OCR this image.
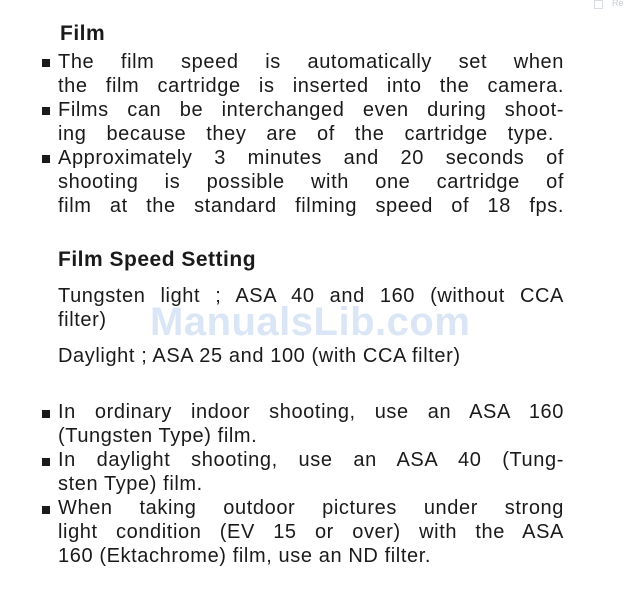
Re
Film
The film speed is automatically set when
the film cartridge is inserted into the camera.
Films can be interchanged even during shoot-
ing because they are of the cartridge type.
Approximately 3 minutes and 20 seconds of
shooting is possible with one cartridge of
film at the standard filming speed of 18 fps.
Film Speed Setting
Tungsten light ; ASA 40 and 160 (without CCA
filter)
Daylight ; ASA 25 and 100 (with CCA filter)
In ordinary indoor shooting, use an ASA 160
(Tungsten Type) film.
In daylight shooting, use an ASA 40 (Tung-
sten Type) film.
When taking outdoor pictures under strong
light condition (EV 15 or over) with the ASA
160 (Ektachrome) film, use an ND filter.
ManualsLib.com
